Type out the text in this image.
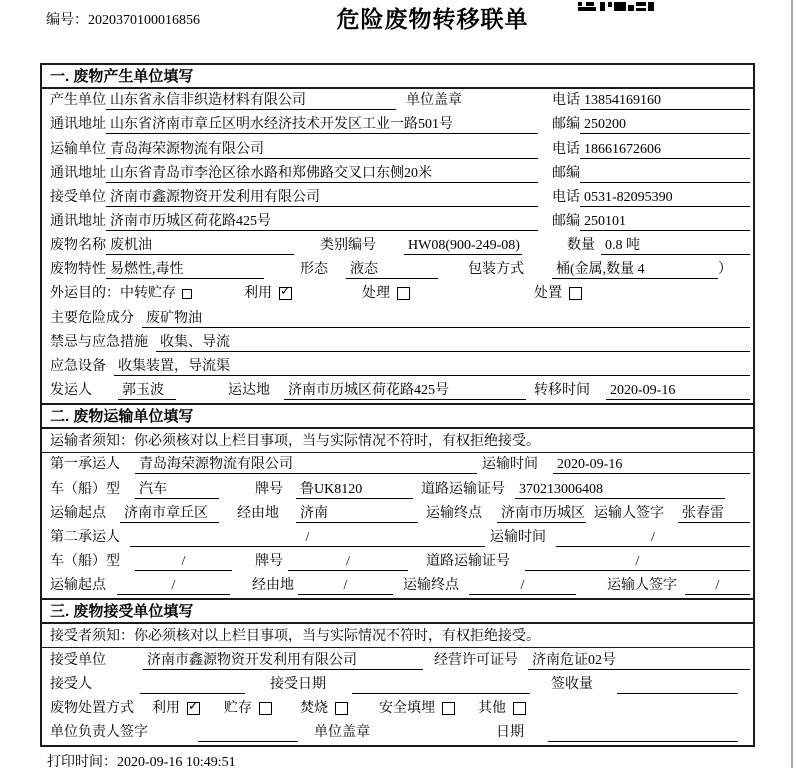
编号：2020370100016856	危险废物转移联单
一. 废物产生单位填写
产生单位 山东省永信非织造材料有限公司	单位盖章	电话 13854169160
通讯地址 山东省济南市章丘区明水经济技术开发区工业一路501号	邮编 250200
运输单位 青岛海荣源物流有限公司	电话 18661672606
通讯地址 山东省青岛市李沧区徐水路和郑佛路交叉口东侧20米	邮编
接受单位 济南市鑫源物资开发利用有限公司	电话 0531-82095390
通讯地址 济南市历城区荷花路425号	邮编 250101
废物名称 废机油	类别编号 HW08(900-249-08)	数量 0.8 吨
废物特性 易燃性,毒性	形态 液态	包装方式 桶(金属,数量 4	）
外运目的： 中转贮存	利用 ✓	处理	处置
主要危险成分 废矿物油
禁忌与应急措施 收集、导流
应急设备 收集装置，导流渠
发运人 郭玉波	运达地 济南市历城区荷花路425号	转移时间 2020-09-16
二. 废物运输单位填写
运输者须知：你必须核对以上栏目事项，当与实际情况不符时，有权拒绝接受。
第一承运人 青岛海荣源物流有限公司	运输时间 2020-09-16
车（船）型 汽车	牌号 鲁UK8120	道路运输证号 370213006408
运输起点 济南市章丘区	经由地 济南	运输终点 济南市历城区 运输人签字 张春雷
第二承运人	/	运输时间	/
车（船）型	/	牌号	/	道路运输证号	/
运输起点	/	经由地	/	运输终点	/	运输人签字	/
三. 废物接受单位填写
接受者须知：你必须核对以上栏目事项，当与实际情况不符时，有权拒绝接受。
接受单位	济南市鑫源物资开发利用有限公司	经营许可证号 济南危证02号
接受人	接受日期	签收量
废物处置方式 利用 ✓	贮存	焚烧	安全填埋	其他
单位负责人签字	单位盖章	日期
打印时间：2020-09-16 10:49:51
